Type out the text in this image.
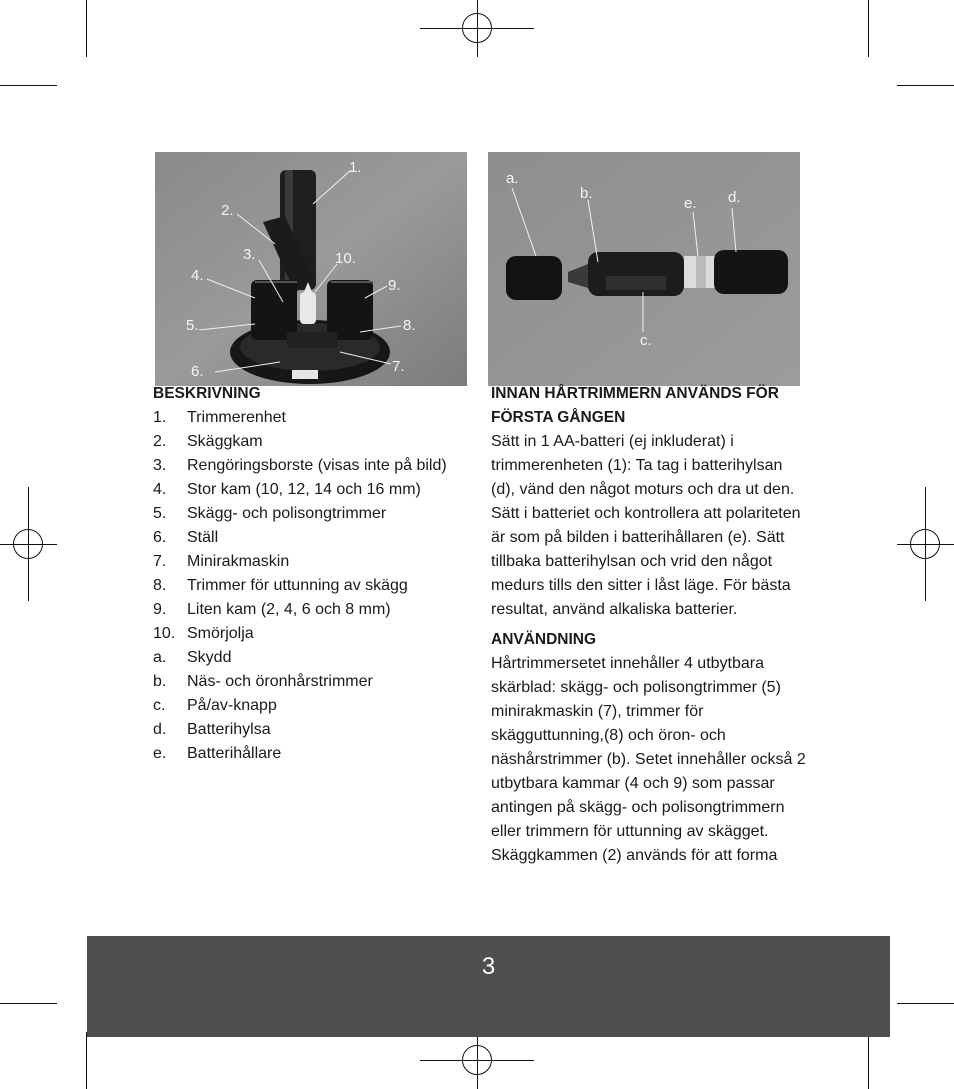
1.
2.
3.
4.
5.
6.	7.
8.
9.
10.
a.
b.
c.
d.
e.
BESKRIVNING
1.	Trimmerenhet
2.	Skäggkam
3.	Rengöringsborste (visas inte på bild)
4.	Stor kam (10, 12, 14 och 16 mm)
5.	Skägg- och polisongtrimmer
6.	Ställ
7.	Minirakmaskin
8.	Trimmer för uttunning av skägg
9.	Liten kam (2, 4, 6 och 8 mm)
10. Smörjolja
a.	Skydd
b.	Näs- och öronhårstrimmer
c.	På/av-knapp
d.	Batterihylsa
e.	Batterihållare
INNAN HÅRTRIMMERN ANVÄNDS FÖR FÖRSTA GÅNGEN

Sätt in 1 AA-batteri (ej inkluderat) i trimmerenheten (1): Ta tag i batterihylsan (d), vänd den något moturs och dra ut den. Sätt i batteriet och kontrollera att polariteten är som på bilden i batterihållaren (e). Sätt tillbaka batterihylsan och vrid den något medurs tills den sitter i låst läge. För bästa resultat, använd alkaliska batterier.

ANVÄNDNING

Hårtrimmersetet innehåller 4 utbytbara skärblad: skägg- och polisongtrimmer (5) minirakmaskin (7), trimmer för skägguttunning,(8) och öron- och näshårstrimmer (b). Setet innehåller också 2 utbytbara kammar (4 och 9) som passar antingen på skägg- och polisongtrimmern eller trimmern för uttunning av skägget. Skäggkammen (2) används för att forma

3
